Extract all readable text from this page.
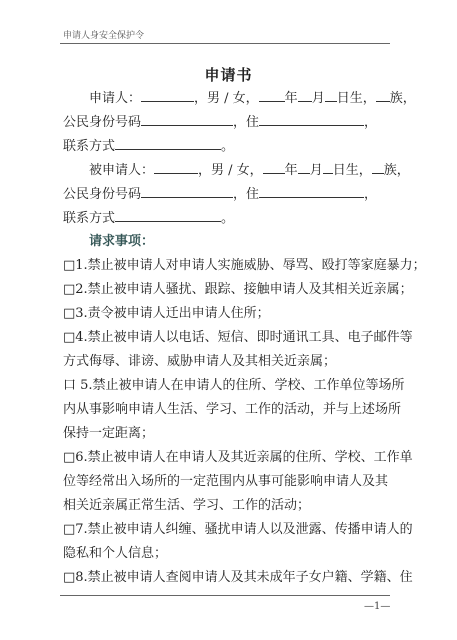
申请人身安全保护令
申请书
申请人：	，男 / 女， 年 月 日生， 族，
公民身份号码	，住	，
联系方式	。
被申请人：	，男 / 女， 年 月 日生， 族，
公民身份号码	，住	，
联系方式	。
请求事项：
□1.禁止被申请人对申请人实施威胁、辱骂、殴打等家庭暴力；
□2.禁止被申请人骚扰、跟踪、接触申请人及其相关近亲属；
□3.责令被申请人迁出申请人住所；
□4.禁止被申请人以电话、短信、即时通讯工具、电子邮件等
方式侮辱、诽谤、威胁申请人及其相关近亲属；
口 5.禁止被申请人在申请人的住所、学校、工作单位等场所
内从事影响申请人生活、学习、工作的活动，并与上述场所
保持一定距离；
□6.禁止被申请人在申请人及其近亲属的住所、学校、工作单
位等经常出入场所的一定范围内从事可能影响申请人及其
相关近亲属正常生活、学习、工作的活动；
□7.禁止被申请人纠缠、骚扰申请人以及泄露、传播申请人的
隐私和个人信息；
□8.禁止被申请人查阅申请人及其未成年子女户籍、学籍、住
—1—
